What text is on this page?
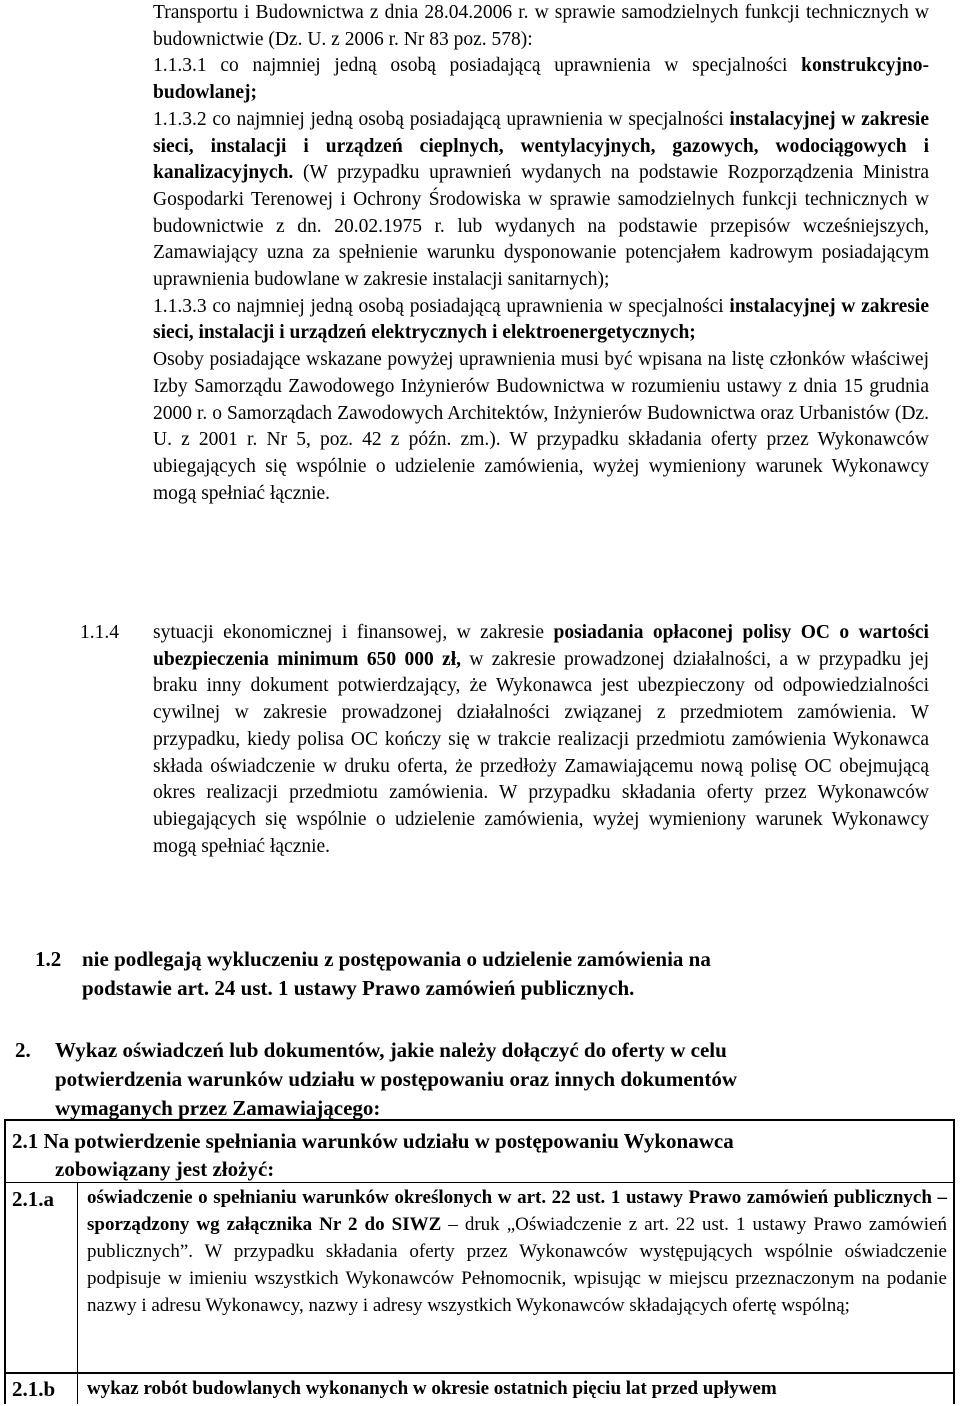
Transportu i Budownictwa z dnia 28.04.2006 r. w sprawie samodzielnych funkcji technicznych w budownictwie (Dz. U. z 2006 r. Nr 83 poz. 578):

1.1.3.1 co najmniej jedną osobą posiadającą uprawnienia w specjalności konstrukcyjno-budowlanej;

1.1.3.2 co najmniej jedną osobą posiadającą uprawnienia w specjalności instalacyjnej w zakresie sieci, instalacji i urządzeń cieplnych, wentylacyjnych, gazowych, wodociągowych i kanalizacyjnych. (W przypadku uprawnień wydanych na podstawie Rozporządzenia Ministra Gospodarki Terenowej i Ochrony Środowiska w sprawie samodzielnych funkcji technicznych w budownictwie z dn. 20.02.1975 r. lub wydanych na podstawie przepisów wcześniejszych, Zamawiający uzna za spełnienie warunku dysponowanie potencjałem kadrowym posiadającym uprawnienia budowlane w zakresie instalacji sanitarnych);

1.1.3.3 co najmniej jedną osobą posiadającą uprawnienia w specjalności instalacyjnej w zakresie sieci, instalacji i urządzeń elektrycznych i elektroenergetycznych;

Osoby posiadające wskazane powyżej uprawnienia musi być wpisana na listę członków właściwej Izby Samorządu Zawodowego Inżynierów Budownictwa w rozumieniu ustawy z dnia 15 grudnia 2000 r. o Samorządach Zawodowych Architektów, Inżynierów Budownictwa oraz Urbanistów (Dz. U. z 2001 r. Nr 5, poz. 42 z późn. zm.). W przypadku składania oferty przez Wykonawców ubiegających się wspólnie o udzielenie zamówienia, wyżej wymieniony warunek Wykonawcy mogą spełniać łącznie.

1.1.4 sytuacji ekonomicznej i finansowej, w zakresie posiadania opłaconej polisy OC o wartości ubezpieczenia minimum 650 000 zł, w zakresie prowadzonej działalności, a w przypadku jej braku inny dokument potwierdzający, że Wykonawca jest ubezpieczony od odpowiedzialności cywilnej w zakresie prowadzonej działalności związanej z przedmiotem zamówienia. W przypadku, kiedy polisa OC kończy się w trakcie realizacji przedmiotu zamówienia Wykonawca składa oświadczenie w druku oferta, że przedłoży Zamawiającemu nową polisę OC obejmującą okres realizacji przedmiotu zamówienia. W przypadku składania oferty przez Wykonawców ubiegających się wspólnie o udzielenie zamówienia, wyżej wymieniony warunek Wykonawcy mogą spełniać łącznie.

1.2 nie podlegają wykluczeniu z postępowania o udzielenie zamówienia na
podstawie art. 24 ust. 1 ustawy Prawo zamówień publicznych.
2. Wykaz oświadczeń lub dokumentów, jakie należy dołączyć do oferty w celu
potwierdzenia warunków udziału w postępowaniu oraz innych dokumentów
wymaganych przez Zamawiającego:
2.1 Na potwierdzenie spełniania warunków udziału w postępowaniu Wykonawca
zobowiązany jest złożyć:
2.1.a oświadczenie o spełnianiu warunków określonych w art. 22 ust. 1 ustawy Prawo zamówień publicznych – sporządzony wg załącznika Nr 2 do SIWZ – druk „Oświadczenie z art. 22 ust. 1 ustawy Prawo zamówień publicznych”. W przypadku składania oferty przez Wykonawców występujących wspólnie oświadczenie podpisuje w imieniu wszystkich Wykonawców Pełnomocnik, wpisując w miejscu przeznaczonym na podanie nazwy i adresu Wykonawcy, nazwy i adresy wszystkich Wykonawców składających ofertę wspólną;

2.1.b wykaz robót budowlanych wykonanych w okresie ostatnich pięciu lat przed upływem
